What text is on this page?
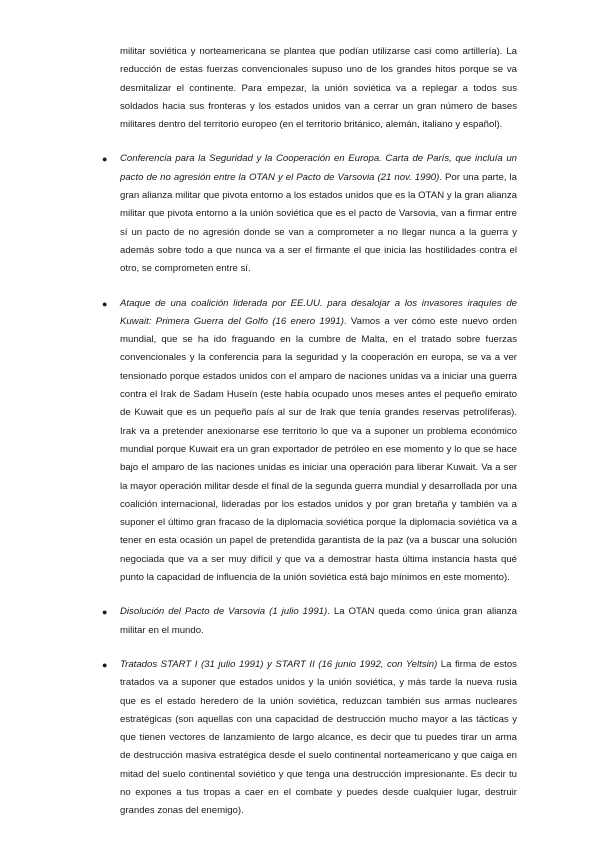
militar soviética y norteamericana se plantea que podían utilizarse casi como artillería). La reducción de estas fuerzas convencionales supuso uno de los grandes hitos porque se va desmitalizar el continente. Para empezar, la unión soviética va a replegar a todos sus soldados hacia sus fronteras y los estados unidos van a cerrar un gran número de bases militares dentro del territorio europeo (en el territorio británico, alemán, italiano y español).

● Conferencia para la Seguridad y la Cooperación en Europa. Carta de París, que incluía un pacto de no agresión entre la OTAN y el Pacto de Varsovia (21 nov. 1990). Por una parte, la gran alianza militar que pivota entorno a los estados unidos que es la OTAN y la gran alianza militar que pivota entorno a la unión soviética que es el pacto de Varsovia, van a firmar entre sí un pacto de no agresión donde se van a comprometer a no llegar nunca a la guerra y además sobre todo a que nunca va a ser el firmante el que inicia las hostilidades contra el otro, se comprometen entre sí.

● Ataque de una coalición liderada por EE.UU. para desalojar a los invasores iraquíes de Kuwait: Primera Guerra del Golfo (16 enero 1991). Vamos a ver cómo este nuevo orden mundial, que se ha ido fraguando en la cumbre de Malta, en el tratado sobre fuerzas convencionales y la conferencia para la seguridad y la cooperación en europa, se va a ver tensionado porque estados unidos con el amparo de naciones unidas va a iniciar una guerra contra el Irak de Sadam Huseín (este había ocupado unos meses antes el pequeño emirato de Kuwait que es un pequeño país al sur de Irak que tenía grandes reservas petrolíferas). Irak va a pretender anexionarse ese territorio lo que va a suponer un problema económico mundial porque Kuwait era un gran exportador de petróleo en ese momento y lo que se hace bajo el amparo de las naciones unidas es iniciar una operación para liberar Kuwait. Va a ser la mayor operación militar desde el final de la segunda guerra mundial y desarrollada por una coalición internacional, lideradas por los estados unidos y por gran bretaña y también va a suponer el último gran fracaso de la diplomacia soviética porque la diplomacia soviética va a tener en esta ocasión un papel de pretendida garantista de la paz (va a buscar una solución negociada que va a ser muy difícil y que va a demostrar hasta última instancia hasta qué punto la capacidad de influencia de la unión soviética está bajo mínimos en este momento).

● Disolución del Pacto de Varsovia (1 julio 1991). La OTAN queda como única gran alianza militar en el mundo.

● Tratados START I (31 julio 1991) y START II (16 junio 1992, con Yeltsin) La firma de estos tratados va a suponer que estados unidos y la unión soviética, y más tarde la nueva rusia que es el estado heredero de la unión soviética, reduzcan también sus armas nucleares estratégicas (son aquellas con una capacidad de destrucción mucho mayor a las tácticas y que tienen vectores de lanzamiento de largo alcance, es decir que tu puedes tirar un arma de destrucción masiva estratégica desde el suelo continental norteamericano y que caiga en mitad del suelo continental soviético y que tenga una destrucción impresionante. Es decir tu no expones a tus tropas a caer en el combate y puedes desde cualquier lugar, destruir grandes zonas del enemigo).
